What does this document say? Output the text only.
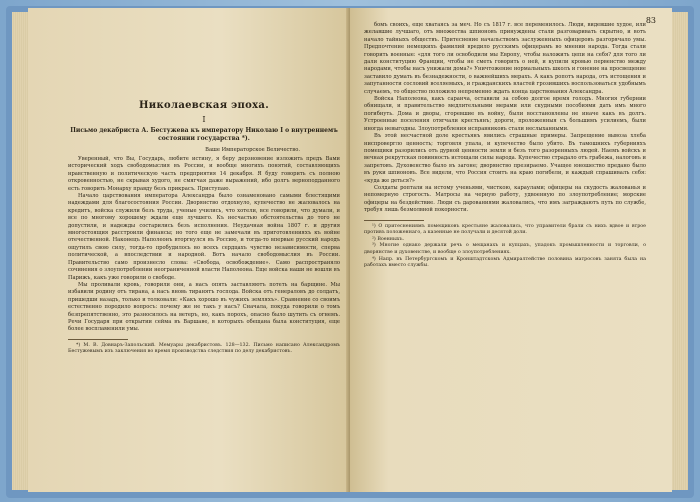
Николаевская эпоха.
I
Письмо декабриста А. Бестужева къ императору Николаю I о внутреннемъ состоянии государства *).
Ваше Императорское Величество.

Уверенный, что Вы, Государь, любите истину, я беру дерзновение изложить предъ Вами исторический ходъ свободомыслия въ России, и вообще многихъ понятий, составляющихъ нравственную и политическую часть предприятия 14 декабря. Я буду говорить съ полною откровенностью, не скрывая худого, не смягчая даже выражений, ибо долгъ верноподданного есть говорить Монарху правду безъ прикрасъ. Приступаю.

Начало царствования императора Александра было ознаменовано самыми блестящими надеждами для благосостояния России. Дворянство отдохнуло, купечество не жаловалось на кредитъ, войска служили безъ труда, ученые учились, что хотели, все говорили, что думали, и все по многому хорошему ждали еще лучшего. Къ несчастью обстоятельства до того не допустили, и надежды состарились безъ исполнения. Неудачная война 1807 г. и другия многостоящия расстроили финансы; но того еще не замечали въ приготовленияхъ къ войне отечественной. Наконецъ Наполеонъ вторгнулся въ Россию, и тогда-то впервые русский народъ ощутилъ свою силу, тогда-то пробудилось во всехъ сердцахъ чувство независимости, сперва политической, а впоследствии и народной. Вотъ начало свободомыслия въ России. Правительство само произнесло слова: «Свобода, освобождение». Само распространяло сочинения о злоупотреблении неограниченной власти Наполеона. Еще войска наши не вошли въ Парижъ, какъ уже говорили о свободе.

Мы проливали кровь, говорили они, а насъ опять заставляютъ потеть на барщине. Мы избавили родину отъ тирана, а насъ вновь тиранятъ господа. Войска отъ генераловъ до солдатъ, пришедши назадъ, только и толковали: «Какъ хорошо въ чужихъ земляхъ». Сравнение со своимъ естественно породило вопросъ: почему же не такъ у насъ? Сначала, покуда говорили о томъ безпрепятственно, это разносилось на ветеръ, но, какъ порохъ, опасно было шутить съ огнемъ. Речи Государя при открытии сейма въ Варшаве, в которыхъ обещана была конституция, еще более воспламенили умы.

*) М. В. Довнаръ-Запольский. Мемуары декабристовъ. 128—132. Письмо написано Александромъ Бестужевымъ изъ заключения во время производства следствия по делу декабристовъ.

83

бомъ своихъ, еще хватаясь за меч. Но съ 1817 г. все переменилось. Люди, видевшие худое, или желавшие лучшаго, отъ множества шпионовъ принуждены стали разговаривать скрытно, и вотъ начало тайныхъ обществъ. Притеснение начальствомъ заслуженныхъ офицеровъ разгорячало умы. Предпочтение немецкихъ фамилий вредило русскимъ офицерамъ во мнении народа. Тогда стали говорить военные: «для того ли освободили мы Европу, чтобы наложить цепи на себя? для того ли дали конституцию Франции, чтобы не сметь говорить о ней, и купили кровью первенство между народами, чтобы насъ унижали дома?» Уничтожение нормальныхъ школъ и гонение на просвещение заставило думать въ безнадежности, о важнейшихъ мерахъ. А какъ ропотъ народа, отъ истощения и запутанности сословий вселяемыхъ, и гражданскихъ властей грозившихъ воспользоваться удобнымъ случаемъ, то общество положило непременно ждать конца царствования Александра.

Войска Наполеона, какъ саранча, оставили за собою долгое время голодъ. Многия губернии обнищали, и правительство медлительными мерами или скудными пособиями дать имъ много погибнуть. Дома и дворы, сгоревшие въ войну, были восстановлены не иначе какъ въ долгъ. Устроенные поселения отягчали крестьянъ; дороги, проложенныя съ большимъ усилиемъ, были иногда невыгодны. Злоупотребления исправниковъ стали неслыханными.

Въ этой несчастной доле крестьянъ явились страшные примеры. Запрещение вывоза хлеба ниспровергло ценность; торговля упала, и купечество было убито. Въ тамошнихъ губернияхъ помещики разорились отъ дурной ценности земли и безъ того разоренныхъ людей. Наемъ войскъ и вечная рекрутская повинность истощали силы народа. Купечество страдало отъ грабежа, налоговъ и запретовъ. Духовенство было въ загоне; дворянство презираемо. Учащее юношество предано было въ руки шпионовъ. Все видели, что Россия стоитъ на краю погибели, и каждый спрашивалъ себя: «куда же деться?»

Солдаты роптали на истому ученьями, чисткою, караулами; офицеры на скудость жалованья и непомерную строгость. Матросы на черную работу, удвоенную по злоупотребление; морские офицеры на бездействие. Люди съ дарованиями жаловались, что имъ заграждаютъ путь по службе, требуя лишь безмолвной покорности.

¹) О притеснениямъ помещиковъ крестьяне жаловались, что управители брали съ нихъ вдвое и втрое противъ положеннаго, а казенные не получали и десятой доли.

²) Военныхъ.

³) Многие однако держали речь о мещанахъ и купцахъ, упадокъ промышленности и торговли, о дворянстве и духовенстве, и вообще о злоупотреблениях.

⁴) Напр. въ Петербургскомъ и Кронштадтскомъ Адмиралтействе половина матросовъ занята была на работахъ вместо службы.
